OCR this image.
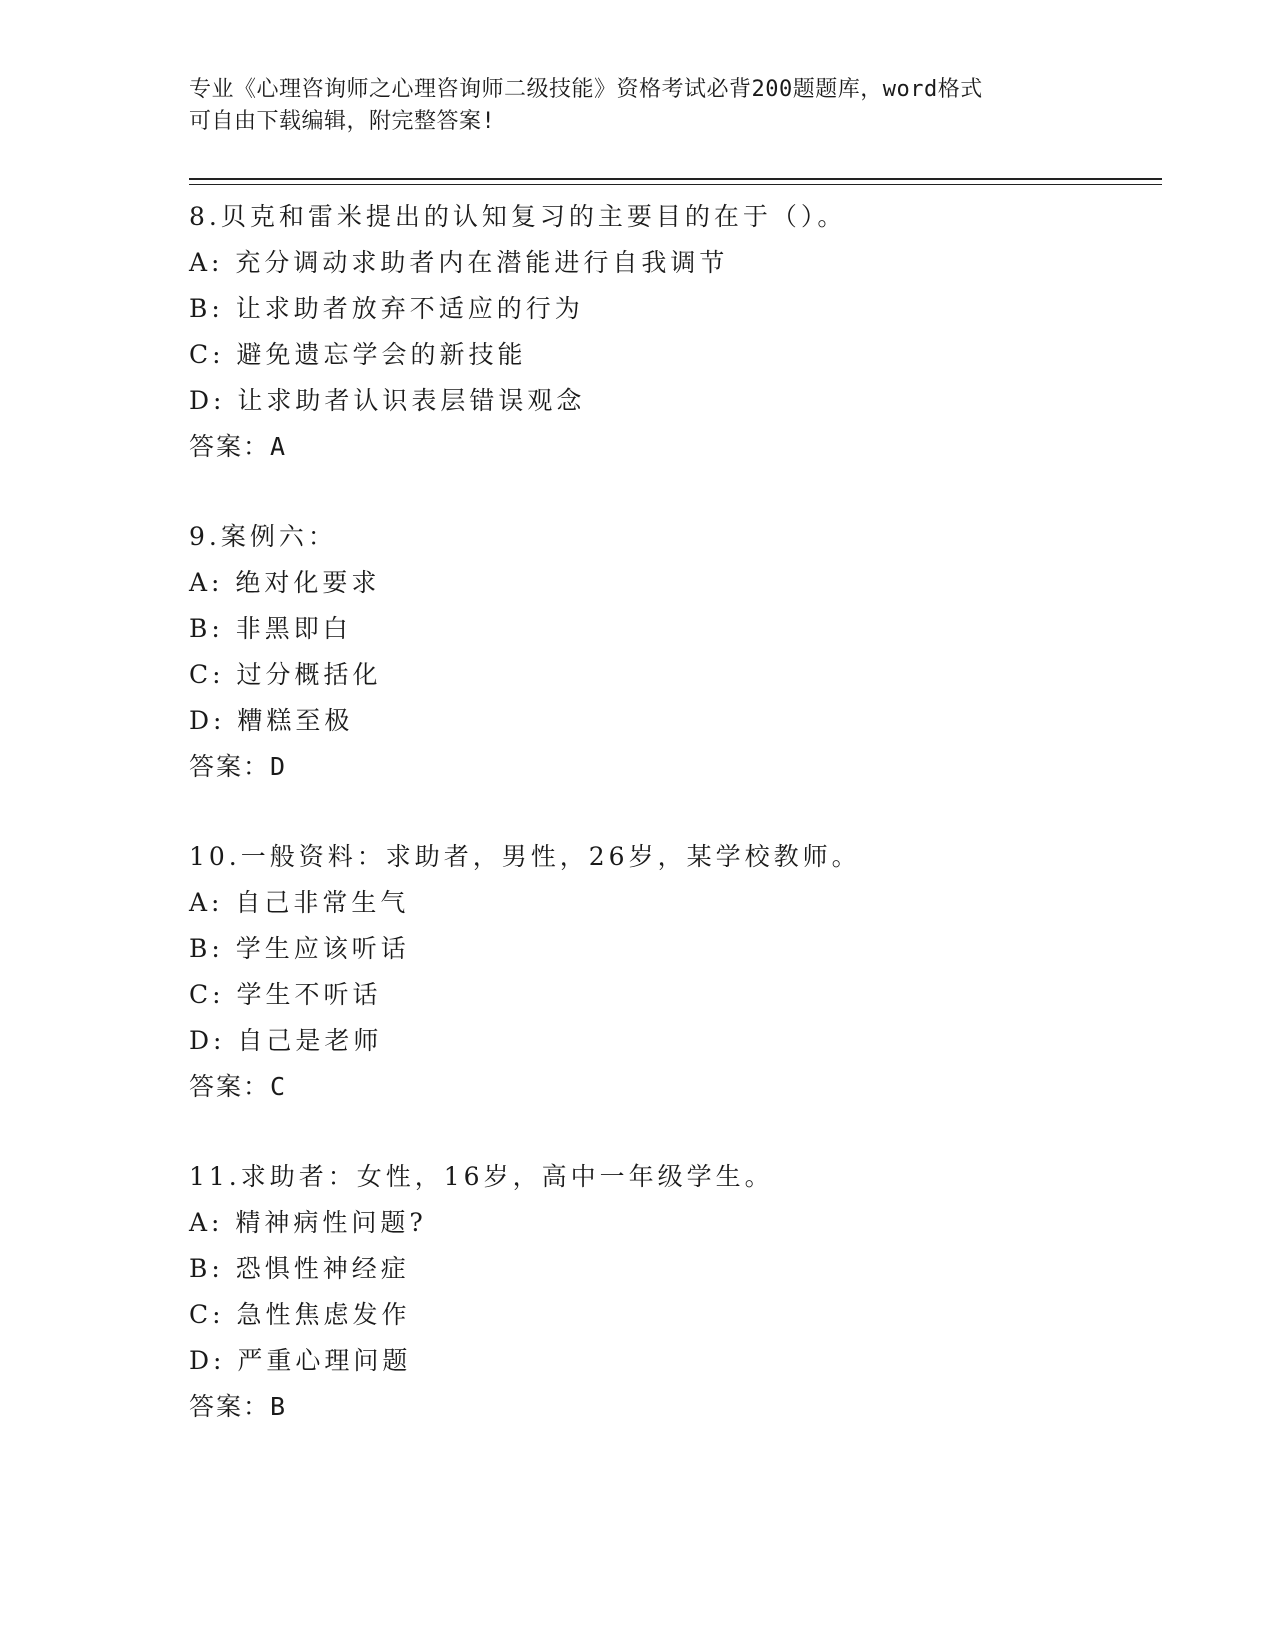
专业《心理咨询师之心理咨询师二级技能》资格考试必背200题题库，word格式
可自由下载编辑，附完整答案!
8.贝克和雷米提出的认知复习的主要目的在于（）。
A: 充分调动求助者内在潜能进行自我调节
B: 让求助者放弃不适应的行为
C: 避免遗忘学会的新技能
D: 让求助者认识表层错误观念
答案：A
9.案例六：
A: 绝对化要求
B: 非黑即白
C: 过分概括化
D: 糟糕至极
答案：D
10.一般资料：求助者，男性，26岁，某学校教师。
A: 自己非常生气
B: 学生应该听话
C: 学生不听话
D: 自己是老师
答案：C
11.求助者：女性，16岁，高中一年级学生。
A: 精神病性问题?
B: 恐惧性神经症
C: 急性焦虑发作
D: 严重心理问题
答案：B
